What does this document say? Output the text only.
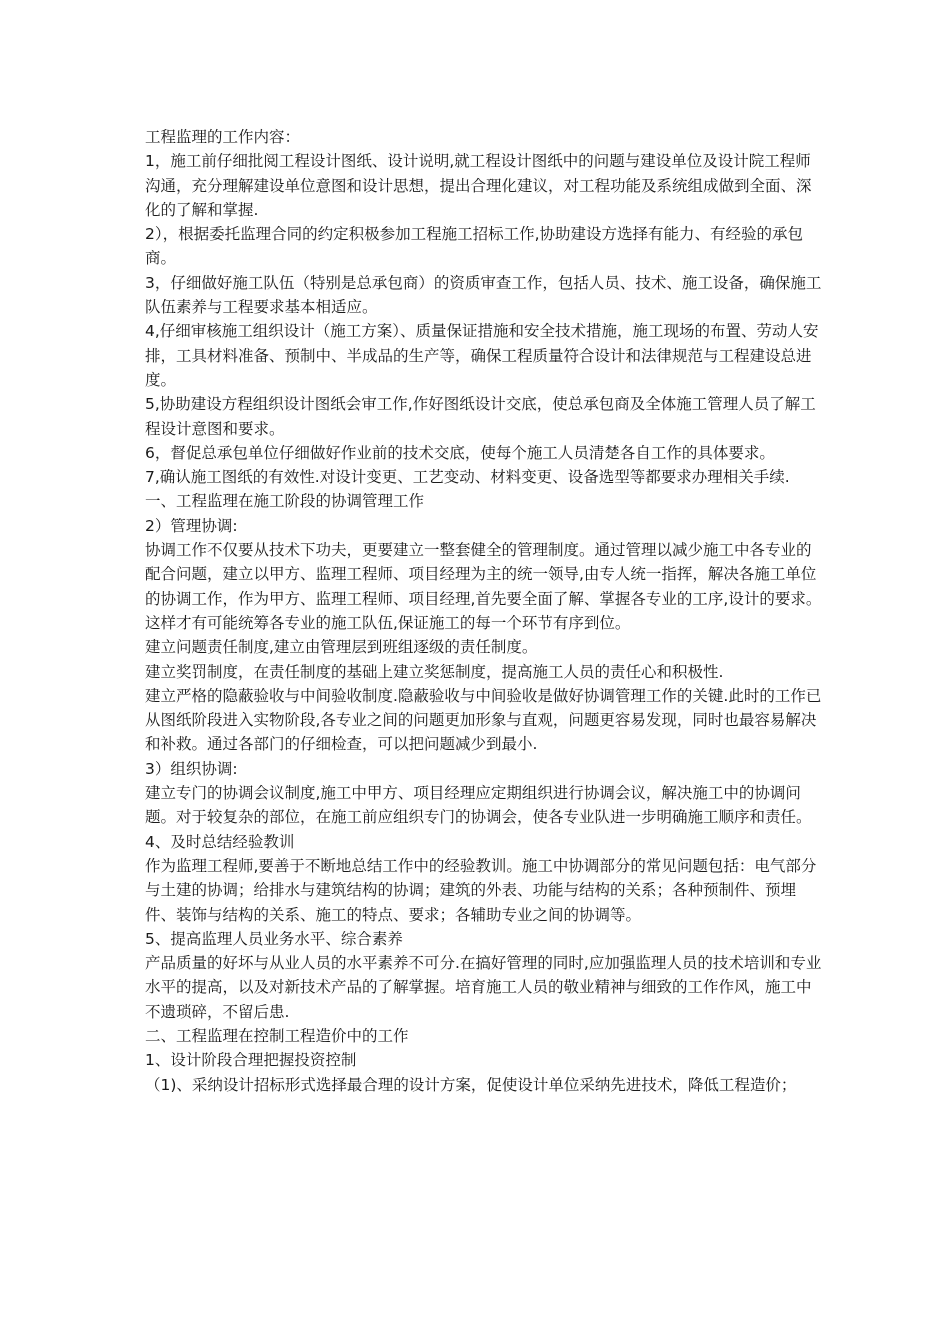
工程监理的工作内容：

1，施工前仔细批阅工程设计图纸、设计说明,就工程设计图纸中的问题与建设单位及设计院工程师沟通，充分理解建设单位意图和设计思想，提出合理化建议，对工程功能及系统组成做到全面、深化的了解和掌握.

2），根据委托监理合同的约定积极参加工程施工招标工作,协助建设方选择有能力、有经验的承包商。

3，仔细做好施工队伍（特别是总承包商）的资质审查工作，包括人员、技术、施工设备，确保施工队伍素养与工程要求基本相适应。

4,仔细审核施工组织设计（施工方案）、质量保证措施和安全技术措施，施工现场的布置、劳动人安排，工具材料准备、预制中、半成品的生产等，确保工程质量符合设计和法律规范与工程建设总进度。

5,协助建设方程组织设计图纸会审工作,作好图纸设计交底，使总承包商及全体施工管理人员了解工程设计意图和要求。

6，督促总承包单位仔细做好作业前的技术交底，使每个施工人员清楚各自工作的具体要求。

7,确认施工图纸的有效性.对设计变更、工艺变动、材料变更、设备选型等都要求办理相关手续.

一、工程监理在施工阶段的协调管理工作

2）管理协调:

协调工作不仅要从技术下功夫，更要建立一整套健全的管理制度。通过管理以减少施工中各专业的配合问题，建立以甲方、监理工程师、项目经理为主的统一领导,由专人统一指挥，解决各施工单位的协调工作，作为甲方、监理工程师、项目经理,首先要全面了解、掌握各专业的工序,设计的要求。这样才有可能统筹各专业的施工队伍,保证施工的每一个环节有序到位。

建立问题责任制度,建立由管理层到班组逐级的责任制度。

建立奖罚制度，在责任制度的基础上建立奖惩制度，提高施工人员的责任心和积极性.

建立严格的隐蔽验收与中间验收制度.隐蔽验收与中间验收是做好协调管理工作的关键.此时的工作已从图纸阶段进入实物阶段,各专业之间的问题更加形象与直观，问题更容易发现，同时也最容易解决和补救。通过各部门的仔细检查，可以把问题减少到最小.

3）组织协调:

建立专门的协调会议制度,施工中甲方、项目经理应定期组织进行协调会议，解决施工中的协调问题。对于较复杂的部位，在施工前应组织专门的协调会，使各专业队进一步明确施工顺序和责任。

4、及时总结经验教训

作为监理工程师,要善于不断地总结工作中的经验教训。施工中协调部分的常见问题包括：电气部分与土建的协调；给排水与建筑结构的协调；建筑的外表、功能与结构的关系；各种预制件、预埋件、装饰与结构的关系、施工的特点、要求；各辅助专业之间的协调等。

5、提高监理人员业务水平、综合素养

产品质量的好坏与从业人员的水平素养不可分.在搞好管理的同时,应加强监理人员的技术培训和专业水平的提高，以及对新技术产品的了解掌握。培育施工人员的敬业精神与细致的工作作风，施工中不遗琐碎，不留后患.

二、工程监理在控制工程造价中的工作

1、设计阶段合理把握投资控制

（1)、采纳设计招标形式选择最合理的设计方案，促使设计单位采纳先进技术，降低工程造价；
